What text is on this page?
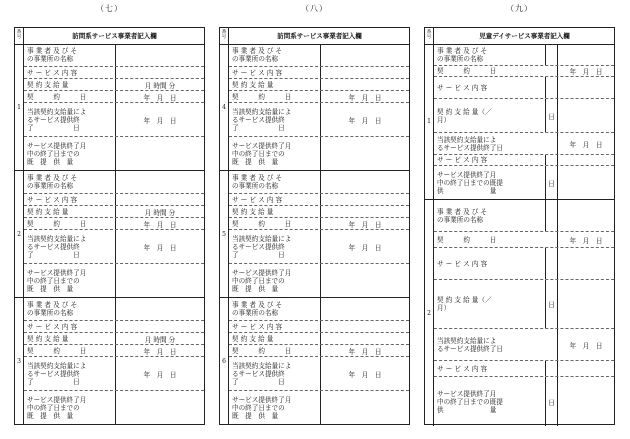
（七）
番号	訪問系サービス事業者記入欄
1
事 業 者 及 び そ
の事業所の名称
サ ー ビ ス 内 容
契 約 支 給 量	月 時間 分
契　　　約　　　日	年　月　日
当該契約支給量によ
るサービス提供終
了　　　　　　日
年　月　日
サービス提供終了月
中の終了日までの
既　提　供　量
2
事 業 者 及 び そ
の事業所の名称
サ ー ビ ス 内 容
契 約 支 給 量	月 時間 分
契　　　約　　　日	年　月　日
当該契約支給量によ
るサービス提供終
了　　　　　　日
年　月　日
サービス提供終了月
中の終了日までの
既　提　供　量
3
事 業 者 及 び そ
の事業所の名称
サ ー ビ ス 内 容
契 約 支 給 量	月 時間 分
契　　　約　　　日	年　月　日
当該契約支給量によ
るサービス提供終
了　　　　　　日
年　月　日
サービス提供終了月
中の終了日までの
既　提　供　量
（八）
番号	訪問系サービス事業者記入欄
4
事 業 者 及 び そ
の事業所の名称
サ ー ビ ス 内 容
契 約 支 給 量
契　　　約　　　日	年　月　日
当該契約支給量によ
るサービス提供終
了　　　　　　日
年　月　日
サービス提供終了月
中の終了日までの
既　提　供　量
5
事 業 者 及 び そ
の事業所の名称
サ ー ビ ス 内 容
契 約 支 給 量
契　　　約　　　日	年　月　日
当該契約支給量によ
るサービス提供終
了　　　　　　日
年　月　日
サービス提供終了月
中の終了日までの
既　提　供　量
6
事 業 者 及 び そ
の事業所の名称
サ ー ビ ス 内 容
契 約 支 給 量
契　　　約　　　日	年　月　日
当該契約支給量によ
るサービス提供終
了　　　　　　日
年　月　日
サービス提供終了月
中の終了日までの
既　提　供　量
（九）
番号	児童デイサービス事業者記入欄
1
事 業 者 及 び そ
の事業所の名称
契　　　約　　　日	年　月　日
サ ー ビ ス 内 容
契 約 支 給 量（／
月）	日
当該契約支給量によ
るサービス提供終了日	年　月　日
サ ー ビ ス 内 容
サービス提供終了月
中の終了日までの既提
供　　　　　　　量
日
2
事 業 者 及 び そ
の事業所の名称
契　　　約　　　日	年　月　日
サ ー ビ ス 内 容
契 約 支 給 量（／
月）	日
当該契約支給量によ
るサービス提供終了日	年　月　日
サ ー ビ ス 内 容
サービス提供終了月
中の終了日までの既提
供　　　　　　　量
日
